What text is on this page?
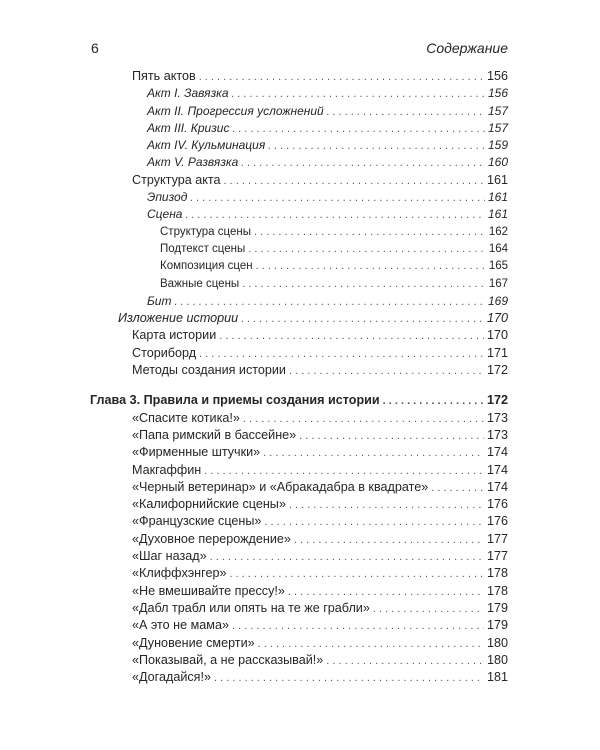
6	Содержание
Пять актов . . .	156
Акт I. Завязка . . .	156
Акт II. Прогрессия усложнений . . .	157
Акт III. Кризис . . .	157
Акт IV. Кульминация . . .	159
Акт V. Развязка . . .	160
Структура акта . . .	161
Эпизод . . .	161
Сцена . . .	161
Структура сцены . . .	162
Подтекст сцены . . .	164
Композиция сцен . . .	165
Важные сцены . . .	167
Бит . . .	169
Изложение истории . . .	170
Карта истории . . .	170
Сториборд . . .	171
Методы создания истории . . .	172
Глава 3. Правила и приемы создания истории . . .	172
«Спасите котика!» . . .	173
«Папа римский в бассейне» . . .	173
«Фирменные штучки» . . .	174
Макгаффин . . .	174
«Черный ветеринар» и «Абракадабра в квадрате» . . .	174
«Калифорнийские сцены» . . .	176
«Французские сцены» . . .	176
«Духовное перерождение» . . .	177
«Шаг назад» . . .	177
«Клиффхэнгер» . . .	178
«Не вмешивайте прессу!» . . .	178
«Дабл трабл или опять на те же грабли» . . .	179
«А это не мама» . . .	179
«Дуновение смерти» . . .	180
«Показывай, а не рассказывай!» . . .	180
«Догадайся!» . . .	181
